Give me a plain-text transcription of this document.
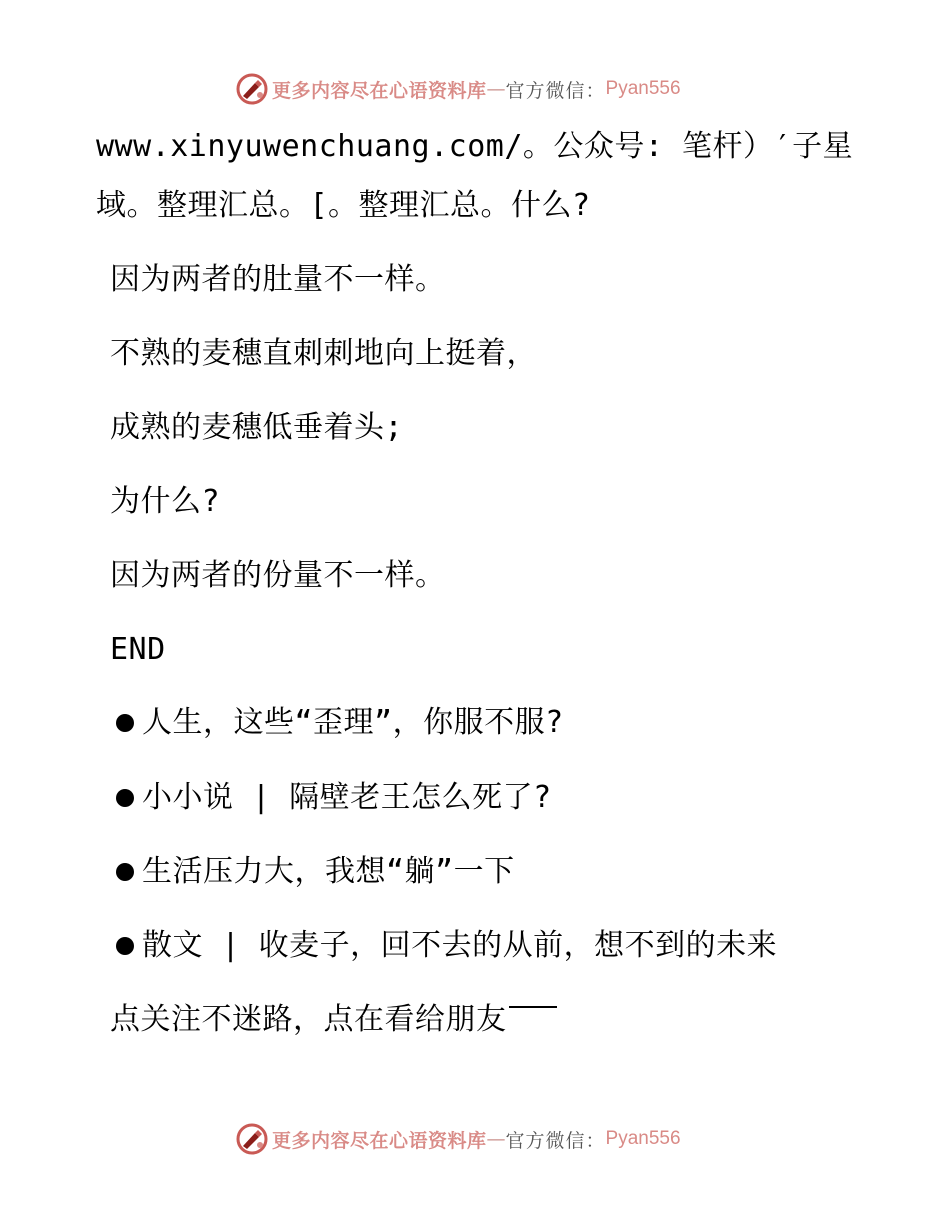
更多内容尽在心语资料库 — 官方微信： Pyan556
www.xinyuwenchuang.com/。公众号: 笔杆）′子星
域。整理汇总。[。整理汇总。什么?
因为两者的肚量不一样。
不熟的麦穗直刺刺地向上挺着，
成熟的麦穗低垂着头;
为什么?
因为两者的份量不一样。
END
人生，这些“歪理”，你服不服?
小小说 | 隔壁老王怎么死了?
生活压力大，我想“躺”一下
散文 | 收麦子，回不去的从前，想不到的未来
点关注不迷路，点在看给朋友
更多内容尽在心语资料库 — 官方微信： Pyan556
